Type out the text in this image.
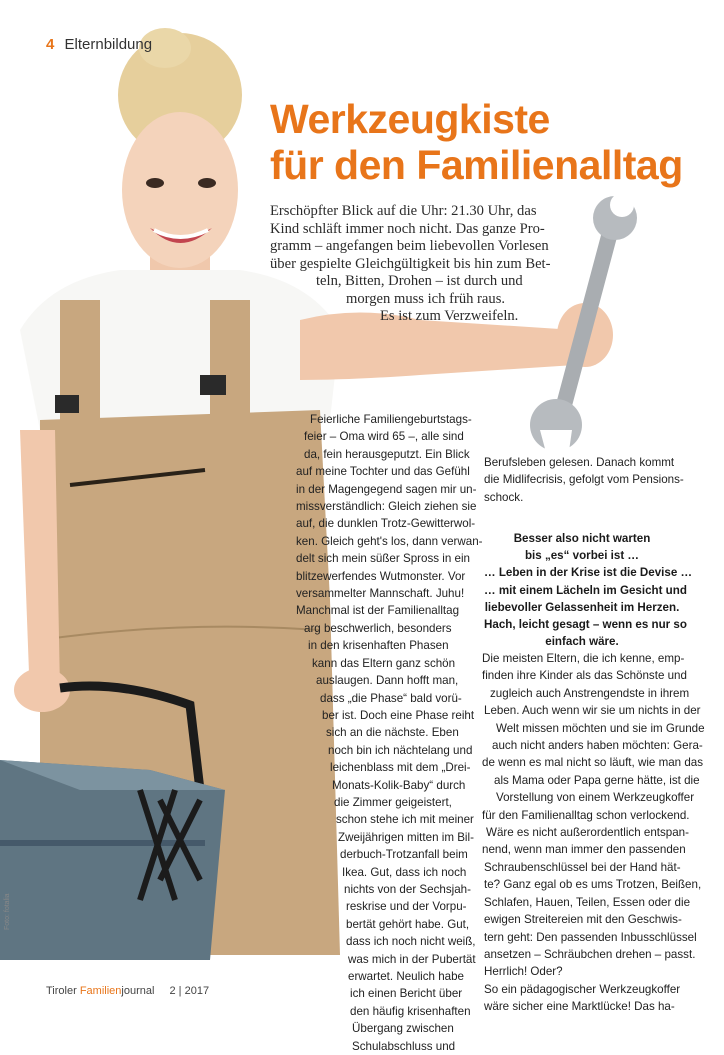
4 Elternbildung
Werkzeugkiste
für den Familienalltag
Erschöpfter Blick auf die Uhr: 21.30 Uhr, das
Kind schläft immer noch nicht. Das ganze Pro-
gramm – angefangen beim liebevollen Vorlesen
über gespielte Gleichgültigkeit bis hin zum Bet-
teln, Bitten, Drohen – ist durch und
morgen muss ich früh raus.
Es ist zum Verzweifeln.
Feierliche Familiengeburtstags-
feier – Oma wird 65 –, alle sind
da, fein herausgeputzt. Ein Blick
auf meine Tochter und das Gefühl
in der Magengegend sagen mir un-
missverständlich: Gleich ziehen sie
auf, die dunklen Trotz-Gewitterwol-
ken. Gleich geht's los, dann verwan-
delt sich mein süßer Spross in ein
blitzewerfendes Wutmonster. Vor
versammelter Mannschaft. Juhu!
Manchmal ist der Familienalltag
arg beschwerlich, besonders
in den krisenhaften Phasen
kann das Eltern ganz schön
auslaugen. Dann hofft man,
dass „die Phase“ bald vorü-
ber ist. Doch eine Phase reiht
sich an die nächste. Eben
noch bin ich nächtelang und
leichenblass mit dem „Drei-
Monats-Kolik-Baby“ durch
die Zimmer geigeistert,
schon stehe ich mit meiner
Zweijährigen mitten im Bil-
derbuch-Trotzanfall beim
Ikea. Gut, dass ich noch
nichts von der Sechsjah-
reskrise und der Vorpu-
bertät gehört habe. Gut,
dass ich noch nicht weiß,
was mich in der Pubertät
erwartet. Neulich habe
ich einen Bericht über
den häufig krisenhaften
Übergang zwischen
Schulabschluss und
Berufsleben gelesen. Danach kommt
die Midlifecrisis, gefolgt vom Pensions-
schock.
Besser also nicht warten
bis „es“ vorbei ist …
… Leben in der Krise ist die Devise …
… mit einem Lächeln im Gesicht und
liebevoller Gelassenheit im Herzen.
Hach, leicht gesagt – wenn es nur so
einfach wäre.
Die meisten Eltern, die ich kenne, emp-
finden ihre Kinder als das Schönste und
zugleich auch Anstrengendste in ihrem
Leben. Auch wenn wir sie um nichts in der
Welt missen möchten und sie im Grunde
auch nicht anders haben möchten: Gera-
de wenn es mal nicht so läuft, wie man das
als Mama oder Papa gerne hätte, ist die
Vorstellung von einem Werkzeugkoffer
für den Familienalltag schon verlockend.
Wäre es nicht außerordentlich entspan-
nend, wenn man immer den passenden
Schraubenschlüssel bei der Hand hät-
te? Ganz egal ob es ums Trotzen, Beißen,
Schlafen, Hauen, Teilen, Essen oder die
ewigen Streitereien mit den Geschwis-
tern geht: Den passenden Inbusschlüssel
ansetzen – Schräubchen drehen – passt.
Herrlich! Oder?
So ein pädagogischer Werkzeugkoffer
wäre sicher eine Marktlücke! Das ha-
Foto: fotalia
Tiroler Familienjournal 2 | 2017
